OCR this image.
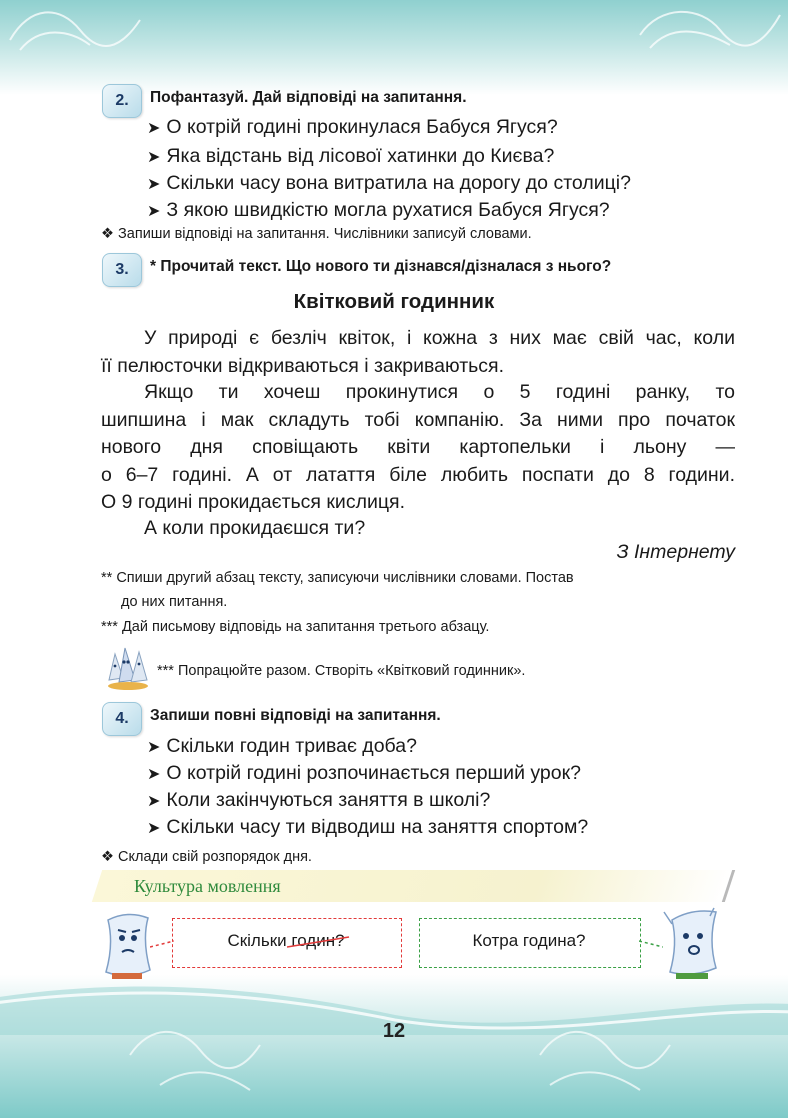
2. Пофантазуй. Дай відповіді на запитання.
➤ О котрій годині прокинулася Бабуся Ягуся?
➤ Яка відстань від лісової хатинки до Києва?
➤ Скільки часу вона витратила на дорогу до столиці?
➤ З якою швидкістю могла рухатися Бабуся Ягуся?
❖ Запиши відповіді на запитання. Числівники записуй словами.
3. * Прочитай текст. Що нового ти дізнався/дізналася з нього?
Квітковий годинник
У природі є безліч квіток, і кожна з них має свій час, коли
її пелюсточки відкриваються і закриваються.
Якщо ти хочеш прокинутися о 5 годині ранку, то
шипшина і мак складуть тобі компанію. За ними про початок
нового дня сповіщають квіти картопельки і льону —
о 6–7 годині. А от латаття біле любить поспати до 8 години.
О 9 годині прокидається кислиця.
А коли прокидаєшся ти?
З Інтернету
** Спиши другий абзац тексту, записуючи числівники словами. Постав
до них питання.
*** Дай письмову відповідь на запитання третього абзацу.
*** Попрацюйте разом. Створіть «Квітковий годинник».
4. Запиши повні відповіді на запитання.
➤ Скільки годин триває доба?
➤ О котрій годині розпочинається перший урок?
➤ Коли закінчуються заняття в школі?
➤ Скільки часу ти відводиш на заняття спортом?
❖ Склади свій розпорядок дня.
Культура мовлення
Скільки годин
?	Котра година?
12
